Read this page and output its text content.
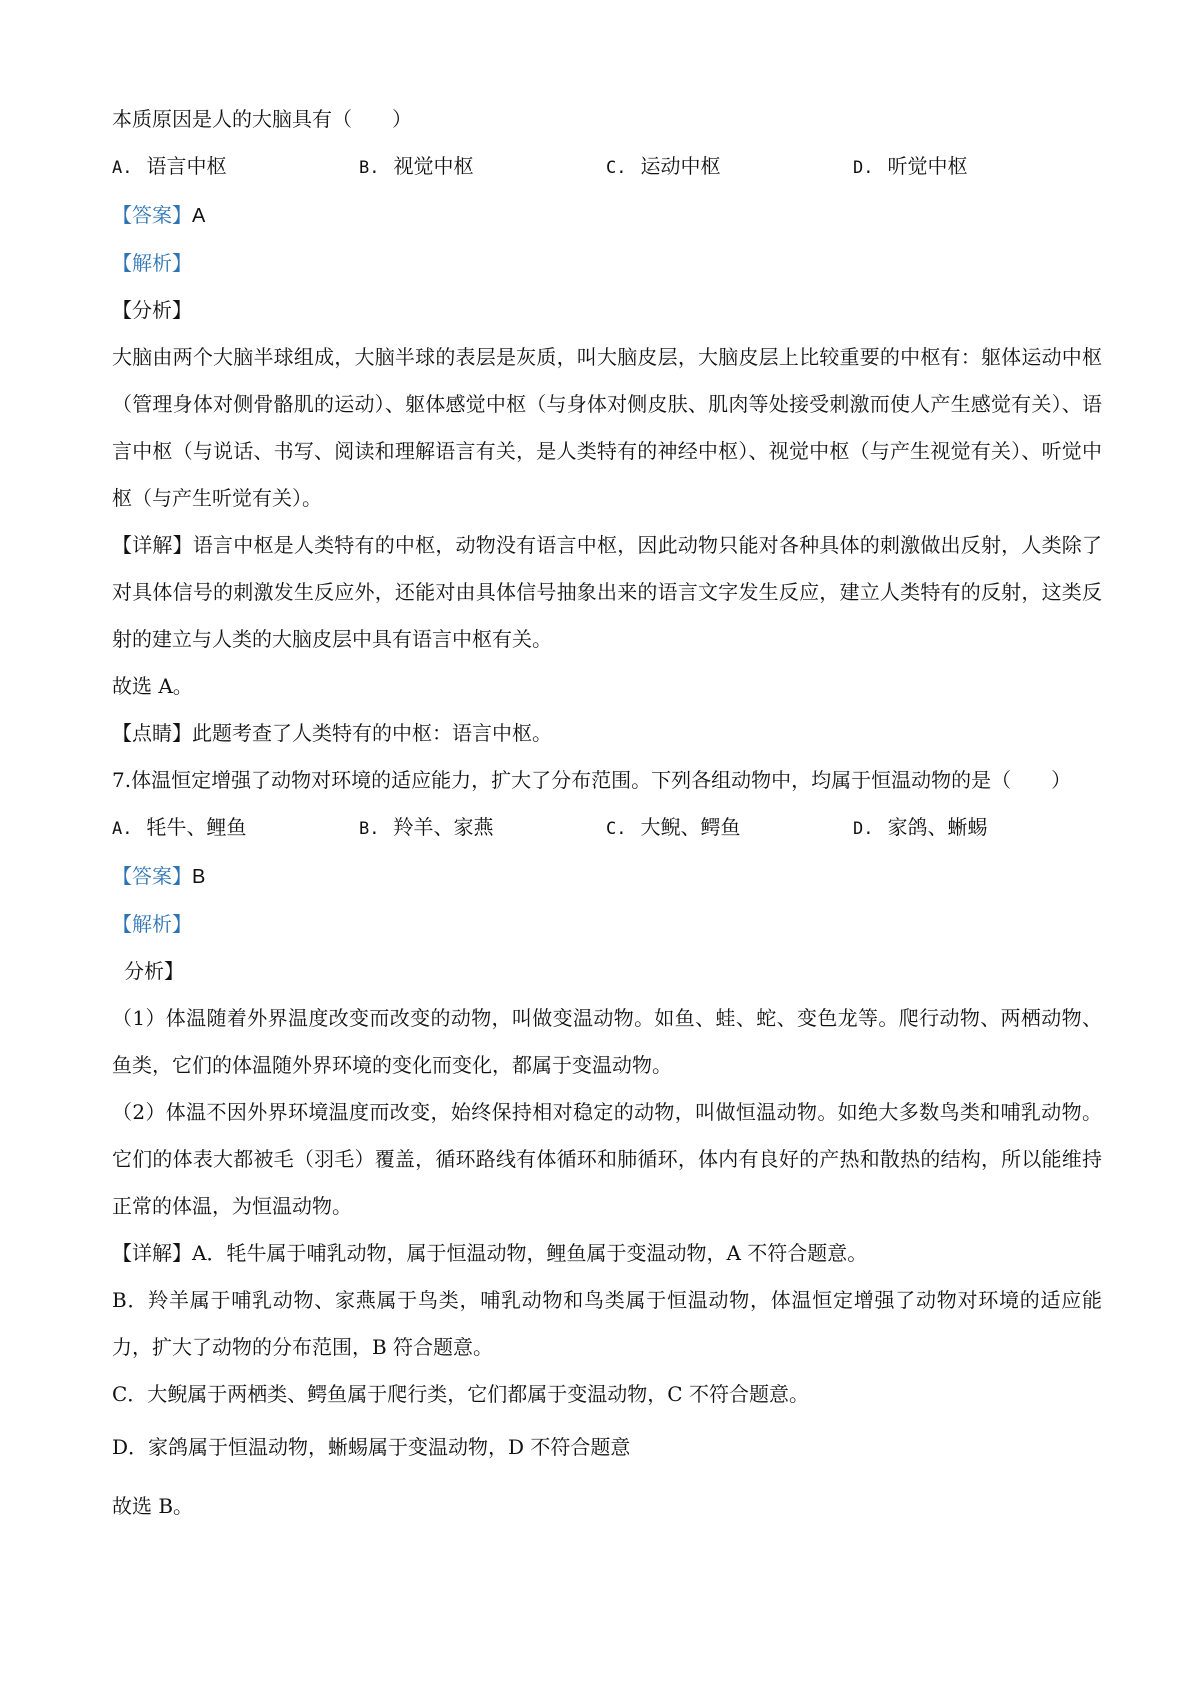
本质原因是人的大脑具有（　　）
A. 语言中枢	B. 视觉中枢	C. 运动中枢	D. 听觉中枢
【答案】A
【解析】
【分析】
大脑由两个大脑半球组成，大脑半球的表层是灰质，叫大脑皮层，大脑皮层上比较重要的中枢有：躯体运动中枢（管理身体对侧骨骼肌的运动）、躯体感觉中枢（与身体对侧皮肤、肌肉等处接受刺激而使人产生感觉有关）、语言中枢（与说话、书写、阅读和理解语言有关，是人类特有的神经中枢）、视觉中枢（与产生视觉有关）、听觉中枢（与产生听觉有关）。
【详解】语言中枢是人类特有的中枢，动物没有语言中枢，因此动物只能对各种具体的刺激做出反射，人类除了对具体信号的刺激发生反应外，还能对由具体信号抽象出来的语言文字发生反应，建立人类特有的反射，这类反射的建立与人类的大脑皮层中具有语言中枢有关。
故选 A。
【点睛】此题考查了人类特有的中枢：语言中枢。
7.体温恒定增强了动物对环境的适应能力，扩大了分布范围。下列各组动物中，均属于恒温动物的是（　　）
A. 牦牛、鲤鱼	B. 羚羊、家燕	C. 大鲵、鳄鱼	D. 家鸽、蜥蜴
【答案】B
【解析】
分析】
（1）体温随着外界温度改变而改变的动物，叫做变温动物。如鱼、蛙、蛇、变色龙等。爬行动物、两栖动物、鱼类，它们的体温随外界环境的变化而变化，都属于变温动物。
（2）体温不因外界环境温度而改变，始终保持相对稳定的动物，叫做恒温动物。如绝大多数鸟类和哺乳动物。它们的体表大都被毛（羽毛）覆盖，循环路线有体循环和肺循环，体内有良好的产热和散热的结构，所以能维持正常的体温，为恒温动物。
【详解】A．牦牛属于哺乳动物，属于恒温动物，鲤鱼属于变温动物，A 不符合题意。
B．羚羊属于哺乳动物、家燕属于鸟类，哺乳动物和鸟类属于恒温动物，体温恒定增强了动物对环境的适应能力，扩大了动物的分布范围，B 符合题意。
C．大鲵属于两栖类、鳄鱼属于爬行类，它们都属于变温动物，C 不符合题意。
D．家鸽属于恒温动物，蜥蜴属于变温动物，D 不符合题意
故选 B。
